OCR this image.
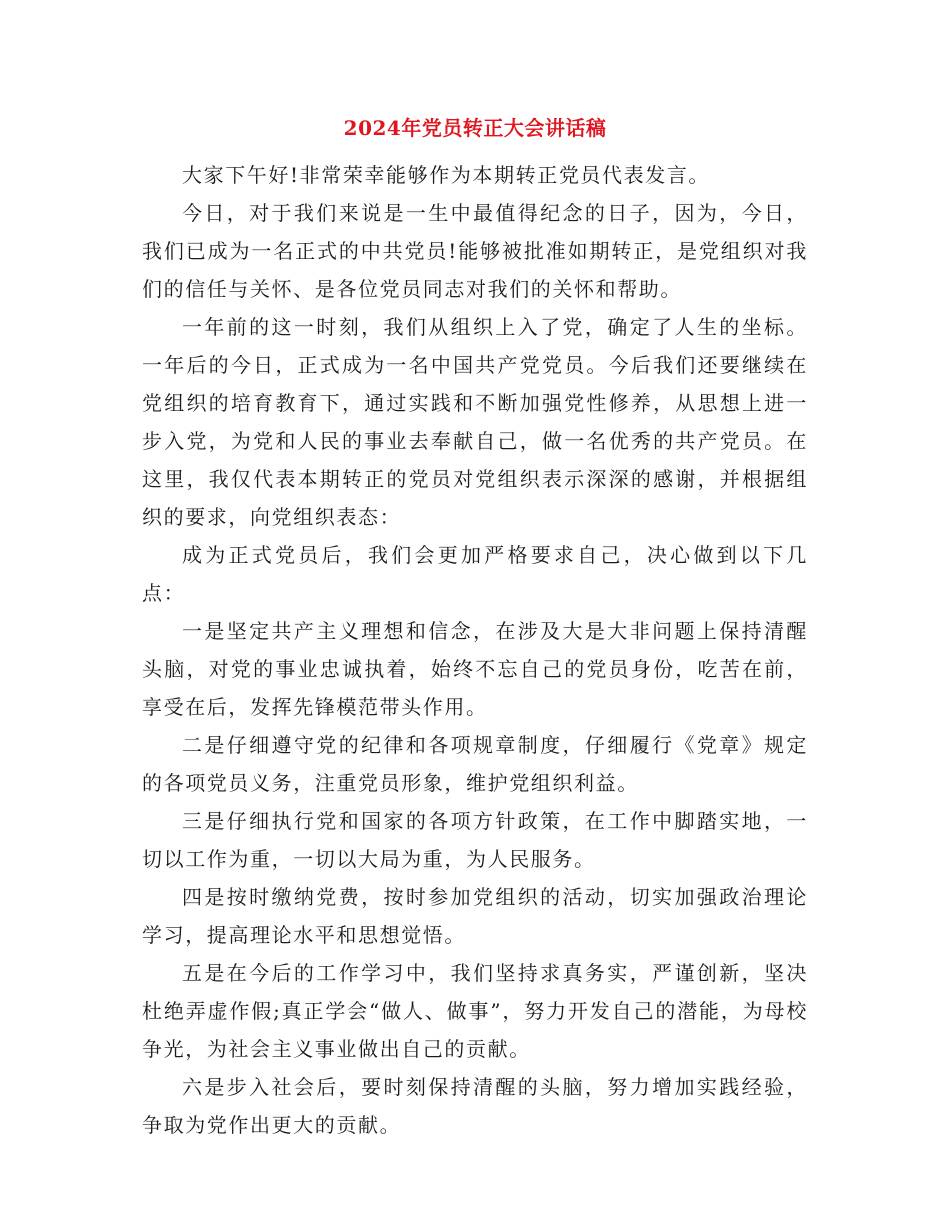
2024年党员转正大会讲话稿

大家下午好!非常荣幸能够作为本期转正党员代表发言。

今日，对于我们来说是一生中最值得纪念的日子，因为，今日，我们已成为一名正式的中共党员!能够被批准如期转正，是党组织对我们的信任与关怀、是各位党员同志对我们的关怀和帮助。

一年前的这一时刻，我们从组织上入了党，确定了人生的坐标。一年后的今日，正式成为一名中国共产党党员。今后我们还要继续在党组织的培育教育下，通过实践和不断加强党性修养，从思想上进一步入党，为党和人民的事业去奉献自己，做一名优秀的共产党员。在这里，我仅代表本期转正的党员对党组织表示深深的感谢，并根据组织的要求，向党组织表态：

成为正式党员后，我们会更加严格要求自己，决心做到以下几点：

一是坚定共产主义理想和信念，在涉及大是大非问题上保持清醒头脑，对党的事业忠诚执着，始终不忘自己的党员身份，吃苦在前，享受在后，发挥先锋模范带头作用。

二是仔细遵守党的纪律和各项规章制度，仔细履行《党章》规定的各项党员义务，注重党员形象，维护党组织利益。

三是仔细执行党和国家的各项方针政策，在工作中脚踏实地，一切以工作为重，一切以大局为重，为人民服务。

四是按时缴纳党费，按时参加党组织的活动，切实加强政治理论学习，提高理论水平和思想觉悟。

五是在今后的工作学习中，我们坚持求真务实，严谨创新，坚决杜绝弄虚作假;真正学会“做人、做事”，努力开发自己的潜能，为母校争光，为社会主义事业做出自己的贡献。

六是步入社会后，要时刻保持清醒的头脑，努力增加实践经验，争取为党作出更大的贡献。
